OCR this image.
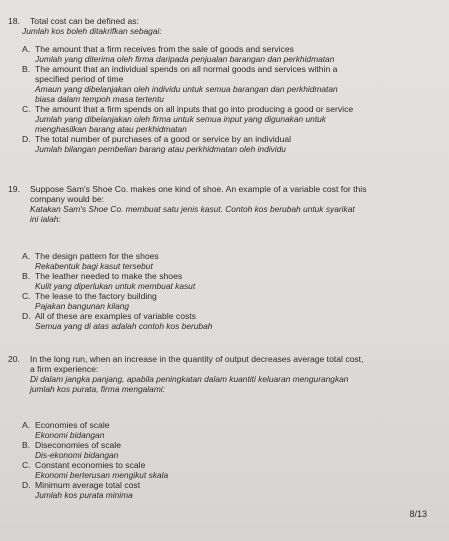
18. Total cost can be defined as:
Jumlah kos boleh ditakrifkan sebagai:
A. The amount that a firm receives from the sale of goods and services
Jumlah yang diterima oleh firma daripada penjualan barangan dan perkhidmatan
B. The amount that an individual spends on all normal goods and services within a
specified period of time
Amaun yang dibelanjakan oleh individu untuk semua barangan dan perkhidmatan
biasa dalam tempoh masa tertentu
C. The amount that a firm spends on all inputs that go into producing a good or service
Jumlah yang dibelanjakan oleh firma untuk semua input yang digunakan untuk
menghasilkan barang atau perkhidmatan
D. The total number of purchases of a good or service by an individual
Jumlah bilangan pembelian barang atau perkhidmatan oleh individu
19. Suppose Sam's Shoe Co. makes one kind of shoe. An example of a variable cost for this
company would be:
Katakan Sam's Shoe Co. membuat satu jenis kasut. Contoh kos berubah untuk syarikat
ini ialah:
A. The design pattern for the shoes
Rekabentuk bagi kasut tersebut
B. The leather needed to make the shoes
Kulit yang diperlukan untuk membuat kasut
C. The lease to the factory building
Pajakan bangunan kilang
D. All of these are examples of variable costs
Semua yang di atas adalah contoh kos berubah
20. In the long run, when an increase in the quantity of output decreases average total cost,
a firm experience:
Di dalam jangka panjang, apabila peningkatan dalam kuantiti keluaran mengurangkan
jumlah kos purata, firma mengalami:
A. Economies of scale
Ekonomi bidangan
B. Diseconomies of scale
Dis-ekonomi bidangan
C. Constant economies to scale
Ekonomi berterusan mengikut skala
D. Minimum average total cost
Jumlah kos purata minima
8/13
